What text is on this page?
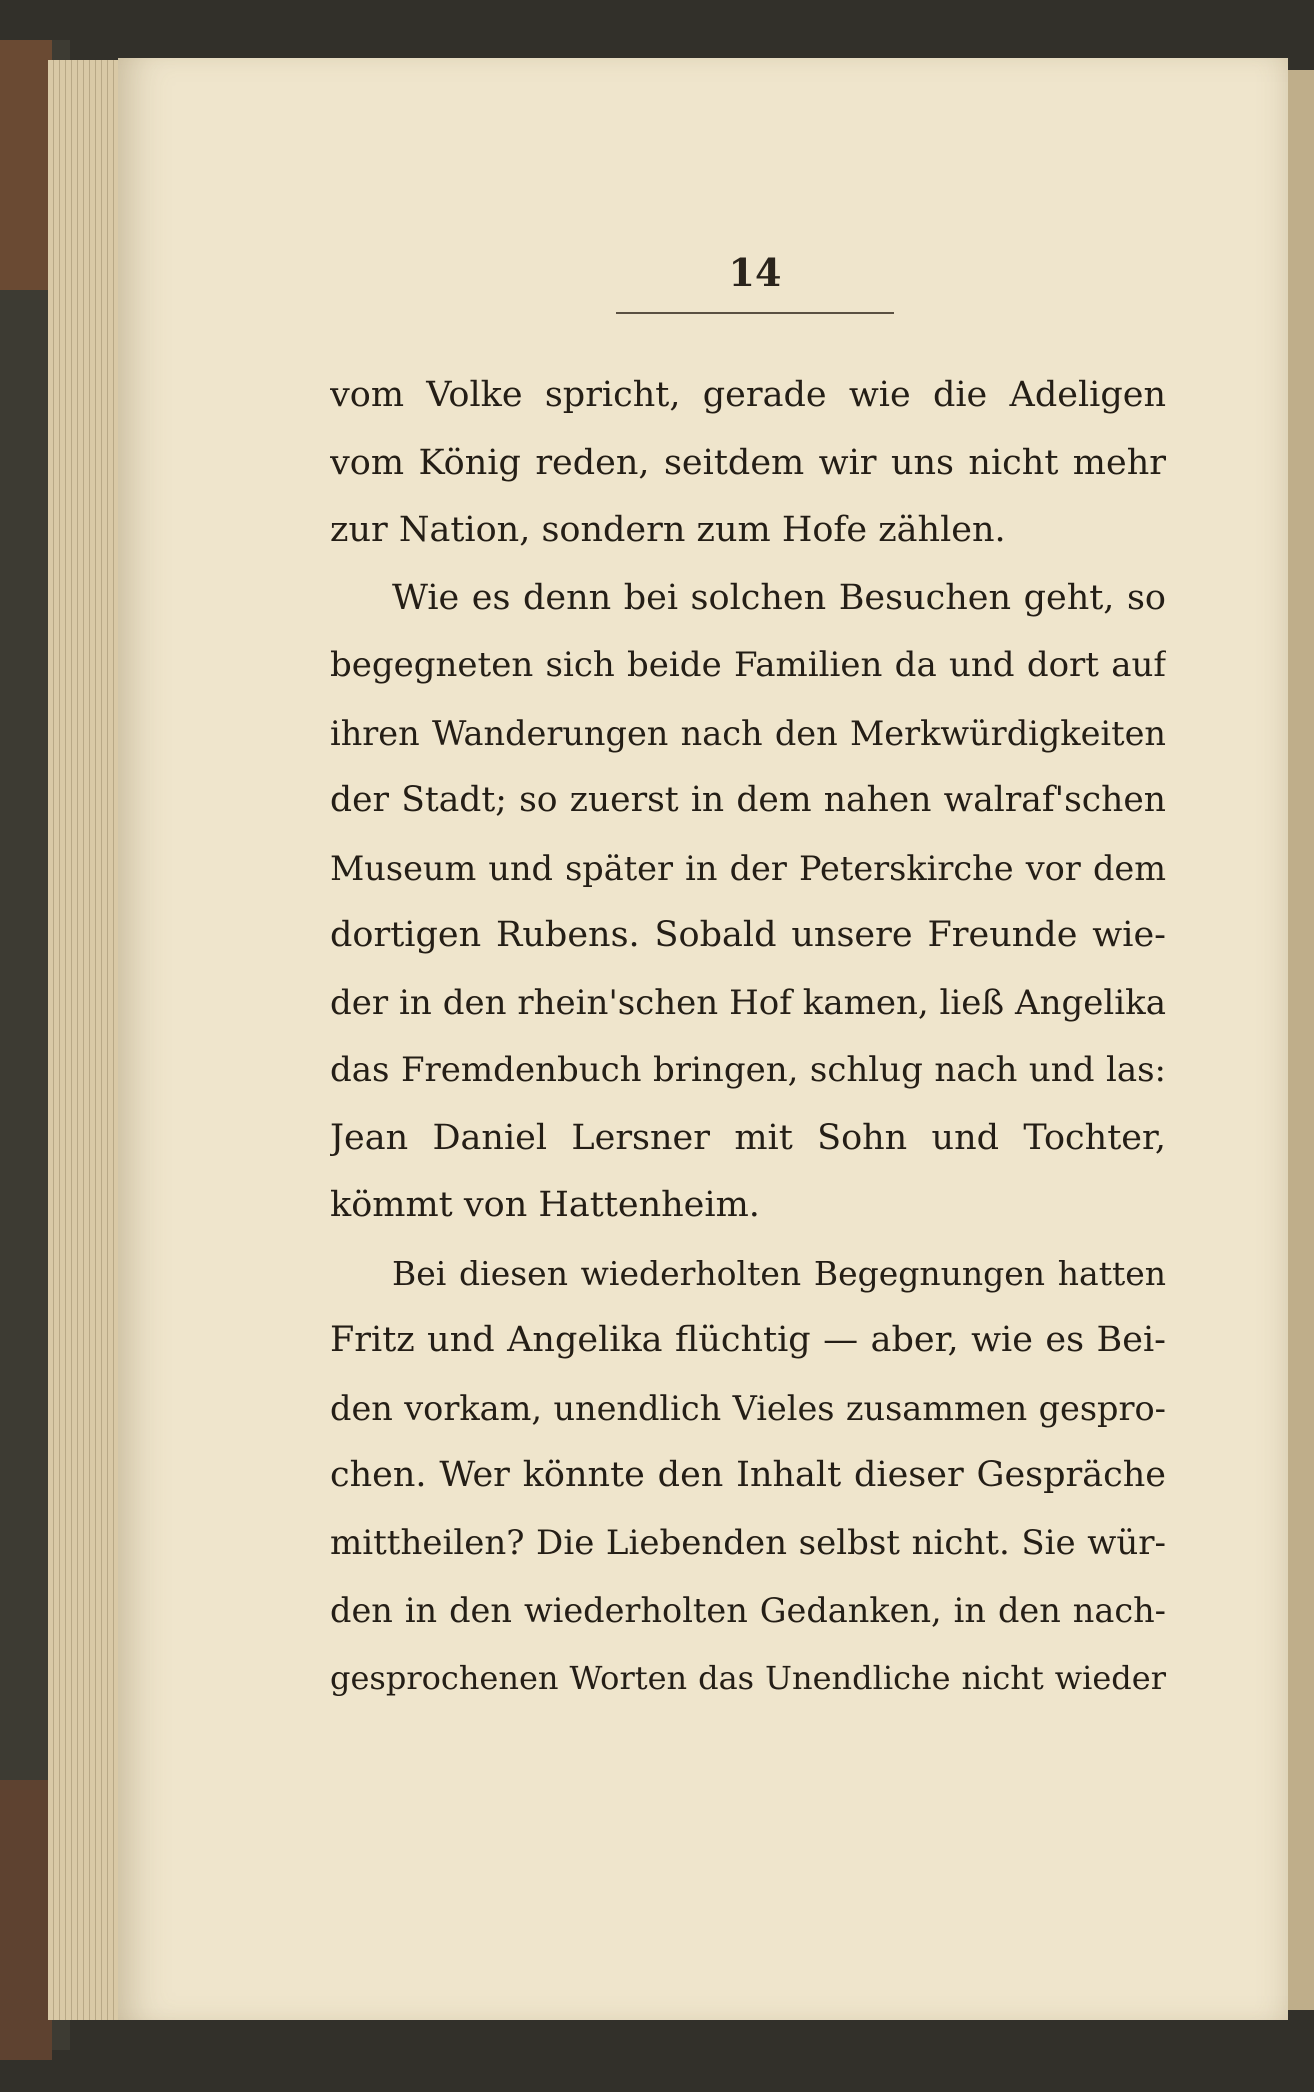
14
vom Volke spricht, gerade wie die Adeligen
vom König reden, seitdem wir uns nicht mehr
zur Nation, sondern zum Hofe zählen.
Wie es denn bei solchen Besuchen geht, so
begegneten sich beide Familien da und dort auf
ihren Wanderungen nach den Merkwürdigkeiten
der Stadt; so zuerst in dem nahen walraf'schen
Museum und später in der Peterskirche vor dem
dortigen Rubens. Sobald unsere Freunde wie-
der in den rhein'schen Hof kamen, ließ Angelika
das Fremdenbuch bringen, schlug nach und las:
Jean Daniel Lersner mit Sohn und Tochter,
kömmt von Hattenheim.
Bei diesen wiederholten Begegnungen hatten
Fritz und Angelika flüchtig — aber, wie es Bei-
den vorkam, unendlich Vieles zusammen gespro-
chen. Wer könnte den Inhalt dieser Gespräche
mittheilen? Die Liebenden selbst nicht. Sie wür-
den in den wiederholten Gedanken, in den nach-
gesprochenen Worten das Unendliche nicht wieder
